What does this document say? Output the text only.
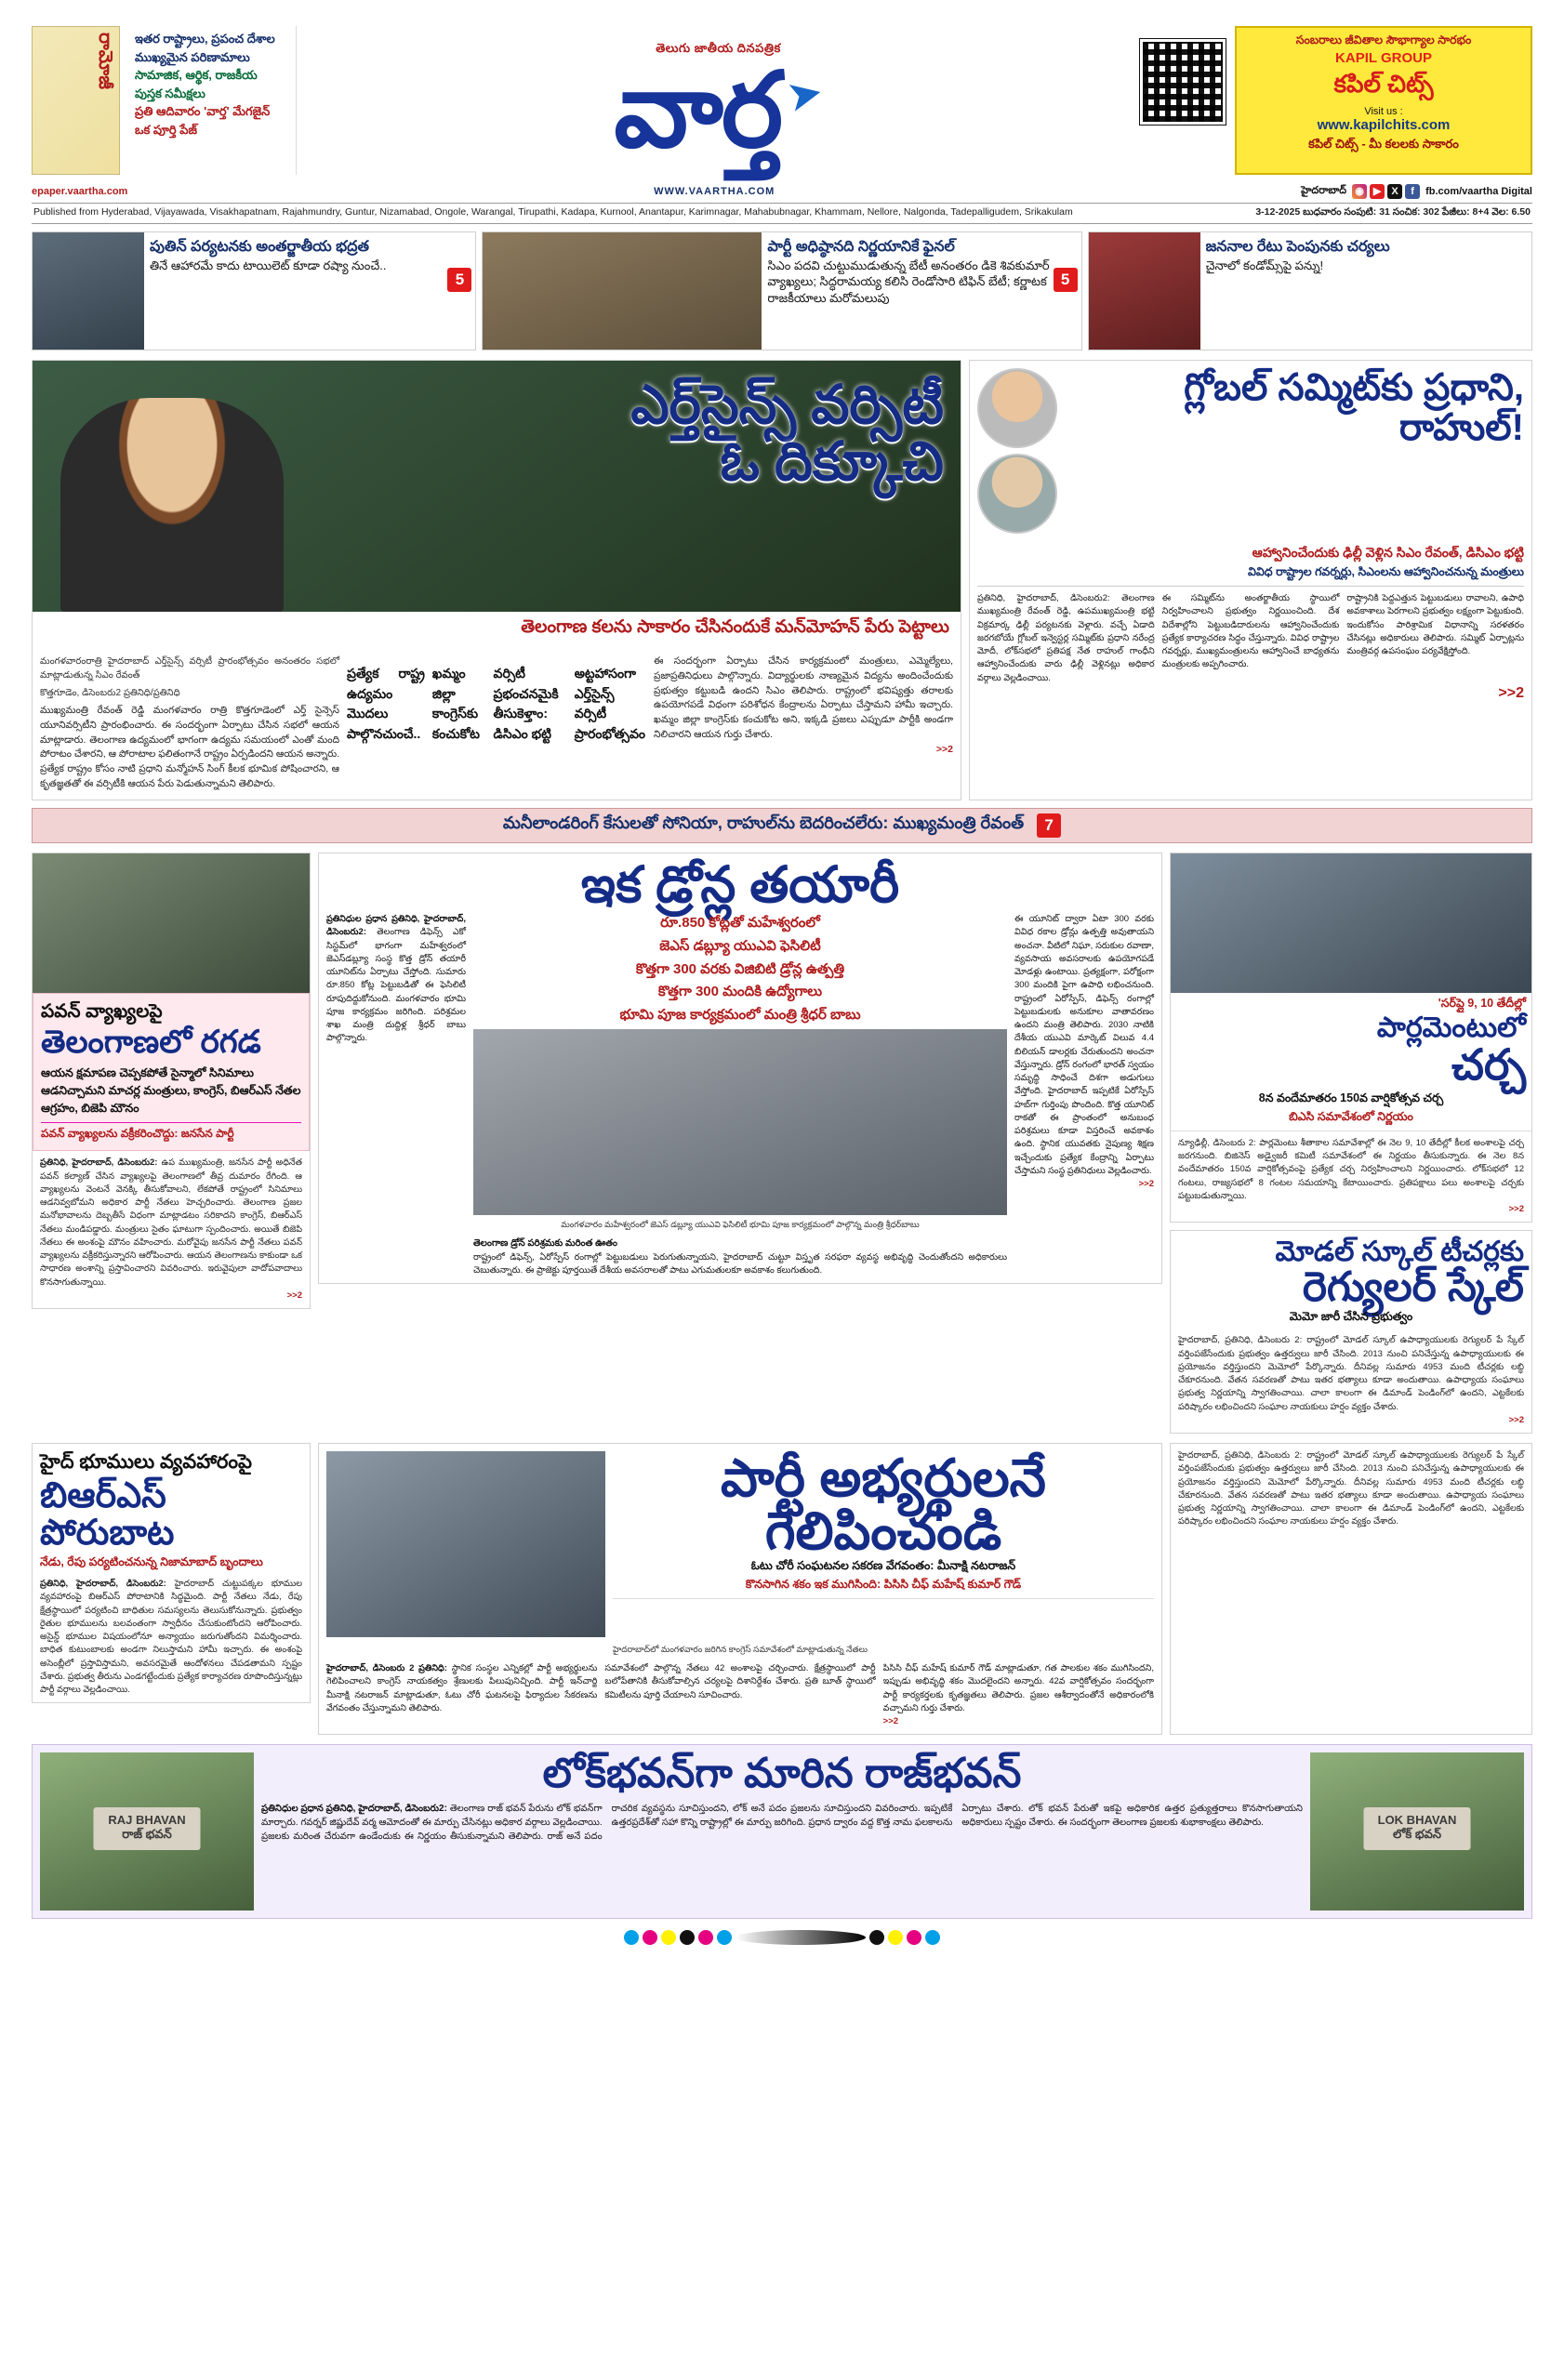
రా‌మో‌జీ	ఇతర రాష్ట్రాలు, ప్రపంచ దేశాల
ముఖ్యమైన పరిణామాలు
సామాజిక, ఆర్థిక, రాజకీయ
పుస్తక సమీక్షలు
ప్రతి ఆదివారం 'వార్త' మేగజైన్
ఒక పూర్తి పేజ్
తెలుగు జాతీయ దినపత్రిక
వార్త ➤
సంబరాలు జీవితాల సౌభాగ్యాల సారభం
KAPIL GROUP
కపిల్ చిట్స్
Visit us :
www.kapilchits.com
కపిల్ చిట్స్ - మీ కలలకు సాకారం
epaper.vaartha.com	WWW.VAARTHA.COM	హైదరాబాద్ ◉ ▶	X	f	fb.com/vaartha Digital
Published from Hyderabad, Vijayawada, Visakhapatnam, Rajahmundry, Guntur, Nizamabad, Ongole, Warangal, Tirupathi, Kadapa, Kurnool, Anantapur, Karimnagar, Mahabubnagar, Khammam, Nellore, Nalgonda, Tadepalligudem, Srikakulam	3-12-2025 బుధవారం సంపుటి: 31 సంచిక: 302 పేజీలు: 8+4 వెల: 6.50
పుతిన్ పర్యటనకు అంతర్జాతీయ భద్రత
తినే ఆహారమే కాదు టాయిలెట్ కూడా రష్యా నుంచే..
5
పార్టీ అధిష్ఠానది నిర్ణయానికే ఫైనల్
సిఎం పదవి చుట్టుముడుతున్న బేటీ అనంతరం డికె శివకుమార్ వ్యాఖ్యలు; సిద్ధరామయ్య కలిసి రెండోసారి టిఫిన్ బేటీ; కర్ణాటక రాజకీయాలు మరోమలుపు
5
జననాల రేటు పెంపునకు చర్యలు
చైనాలో కండోమ్స్‌పై పన్ను!
ఎర్త్‌సైన్స్ వర్సిటీ
ఓ దిక్కూ‌చి
తెలంగాణ కలను సాకారం చేసినందుకే మన్‌మోహన్ పేరు పెట్టాలు
మంగళవారంరాత్రి హైదరాబాద్ ఎర్త్‌సైన్స్ వర్సిటీ ప్రారంభోత్సవం అనంతరం సభలో మాట్లాడుతున్న సిఎం రేవంత్
కొత్తగూడెం, డిసెంబరు2 ప్రతినిధి/ప్రతినిధి
ముఖ్యమంత్రి రేవంత్ రెడ్డి మంగళవారం రాత్రి కొత్తగూడెంలో ఎర్త్ సైన్సెస్ యూనివర్సిటీని ప్రారంభించారు. ఈ సందర్భంగా ఏర్పాటు చేసిన సభలో ఆయన మాట్లాడారు. తెలంగాణ ఉద్యమంలో భాగంగా ఉద్యమ సమయంలో ఎంతో మంది పోరాటం చేశారని, ఆ పోరాటాల ఫలితంగానే రాష్ట్రం ఏర్పడిందని ఆయన అన్నారు. ప్రత్యేక రాష్ట్రం కోసం నాటి ప్రధాని మన్మోహన్ సింగ్ కీలక భూమిక పోషించారని, ఆ కృతజ్ఞతతో ఈ వర్సిటీకి ఆయన పేరు పెడుతున్నామని తెలిపారు.
ప్రత్యేక రాష్ట్ర ఉద్యమం మొదలు పాల్గొనచుంచే..
ఖమ్మం జిల్లా కాంగ్రెస్‌కు కంచుకోట
వర్సిటీ ప్రభంచనమైకి తీసుకెళ్తాం: డిసిఎం భట్టి
అట్టహాసంగా ఎర్త్‌సైన్స్ వర్సిటీ ప్రారంభోత్సవం
ఈ సందర్భంగా ఏర్పాటు చేసిన కార్యక్రమంలో మంత్రులు, ఎమ్మెల్యేలు, ప్రజాప్రతినిధులు పాల్గొన్నారు. విద్యార్థులకు నాణ్యమైన విద్యను అందించేందుకు ప్రభుత్వం కట్టుబడి ఉందని సిఎం తెలిపారు. రాష్ట్రంలో భవిష్యత్తు తరాలకు ఉపయోగపడే విధంగా పరిశోధన కేంద్రాలను ఏర్పాటు చేస్తామని హామీ ఇచ్చారు. ఖమ్మం జిల్లా కాంగ్రెస్‌కు కంచుకోట అని, ఇక్కడి ప్రజలు ఎప్పుడూ పార్టీకి అండగా నిలిచారని ఆయన గుర్తు చేశారు.
>>2
గ్లోబల్ సమ్మిట్‌కు ప్రధాని, రాహుల్!
ఆహ్వానించేందుకు ఢిల్లీ వెళ్లిన సిఎం రేవంత్, డిసిఎం భట్టి
వివిధ రాష్ట్రాల గవర్నర్లు, సిఎంలను ఆహ్వానించనున్న మంత్రులు
ప్రతినిధి, హైదరాబాద్, డిసెంబరు2: తెలంగాణ ముఖ్యమంత్రి రేవంత్ రెడ్డి, ఉపముఖ్యమంత్రి భట్టి విక్రమార్క ఢిల్లీ పర్యటనకు వెళ్లారు. వచ్చే ఏడాది జరగబోయే గ్లోబల్ ఇన్వెస్టర్ల సమ్మిట్‌కు ప్రధాని నరేంద్ర మోదీ, లోక్‌సభలో ప్రతిపక్ష నేత రాహుల్ గాంధీని ఆహ్వానించేందుకు వారు ఢిల్లీ వెళ్లినట్లు అధికార వర్గాలు వెల్లడించాయి.
ఈ సమ్మిట్‌ను అంతర్జాతీయ స్థాయిలో నిర్వహించాలని ప్రభుత్వం నిర్ణయించింది. దేశ విదేశాల్లోని పెట్టుబడిదారులను ఆహ్వానించేందుకు ప్రత్యేక కార్యాచరణ సిద్ధం చేస్తున్నారు. వివిధ రాష్ట్రాల గవర్నర్లు, ముఖ్యమంత్రులను ఆహ్వానించే బాధ్యతను మంత్రులకు అప్పగించారు.
రాష్ట్రానికి పెద్దఎత్తున పెట్టుబడులు రావాలని, ఉపాధి అవకాశాలు పెరగాలని ప్రభుత్వం లక్ష్యంగా పెట్టుకుంది. ఇందుకోసం పారిశ్రామిక విధానాన్ని సరళతరం చేసినట్లు అధికారులు తెలిపారు. సమ్మిట్ ఏర్పాట్లను మంత్రివర్గ ఉపసంఘం పర్యవేక్షిస్తోంది.
>>2
మనీలాండరింగ్ కేసులతో సోనియా, రాహుల్‌ను బెదరించలేరు: ముఖ్యమంత్రి రేవంత్	7
పవన్ వ్యాఖ్యలపై
తెలంగాణలో రగడ

ఆయన క్షమాపణ చెప్పకపోతే సైన్మాలో సినిమాలు ఆడనిచ్చామని మాచర్ల మంత్రులు, కాంగ్రెస్, బిఆర్ఎస్ నేతల ఆగ్రహం, బిజెపి మౌనం

పవన్ వ్యాఖ్యలను వక్రీకరించొద్దు: జనసేన పార్టీ
ప్రతినిధి, హైదరాబాద్, డిసెంబరు2: ఉప ముఖ్యమంత్రి, జనసేన పార్టీ అధినేత పవన్ కల్యాణ్ చేసిన వ్యాఖ్యలపై తెలంగాణలో తీవ్ర దుమారం రేగింది. ఆ వ్యాఖ్యలను వెంటనే వెనక్కి తీసుకోవాలని, లేకపోతే రాష్ట్రంలో సినిమాలు ఆడనివ్వబోమని అధికార పార్టీ నేతలు హెచ్చరించారు. తెలంగాణ ప్రజల మనోభావాలను దెబ్బతీసే విధంగా మాట్లాడటం సరికాదని కాంగ్రెస్, బిఆర్ఎస్ నేతలు మండిపడ్డారు. మంత్రులు సైతం ఘాటుగా స్పందించారు. అయితే బిజెపి నేతలు ఈ అంశంపై మౌనం వహించారు. మరోవైపు జనసేన పార్టీ నేతలు పవన్ వ్యాఖ్యలను వక్రీకరిస్తున్నారని ఆరోపించారు. ఆయన తెలంగాణను కాకుండా ఒక సాధారణ అంశాన్ని ప్రస్తావించారని వివరించారు. ఇరువైపులా వాదోపవాదాలు కొనసాగుతున్నాయి.
>>2
ఇక డ్రోన్ల తయారీ
ప్రతినిధుల ప్రధాన ప్రతినిధి, హైదరాబాద్, డిసెంబరు2: తెలంగాణ డిఫెన్స్ ఎకో సిస్టమ్‌లో భాగంగా మహేశ్వరంలో జెఎస్‌డబ్ల్యూ సంస్థ కొత్త డ్రోన్ తయారీ యూనిట్‌ను ఏర్పాటు చేస్తోంది. సుమారు రూ.850 కోట్ల పెట్టుబడితో ఈ ఫెసిలిటీ రూపుదిద్దుకోనుంది. మంగళవారం భూమి పూజ కార్యక్రమం జరిగింది. పరిశ్రమల శాఖ మంత్రి దుద్దిళ్ల శ్రీధర్ బాబు పాల్గొన్నారు.
రూ.850 కోట్లతో మహేశ్వరంలో
జెఎస్ డబ్ల్యూ యుఎవి ఫెసిలిటీ
కొత్తగా 300 వరకు విజిబిటి డ్రోన్ల ఉత్పత్తి
కొత్తగా 300 మందికి ఉద్యోగాలు
భూమి పూజ కార్యక్రమంలో మంత్రి శ్రీధర్ బాబు
మంగళవారం మహేశ్వరంలో జెఎస్ డబ్ల్యూ యుఎవి ఫెసిలిటీ భూమి పూజ కార్యక్రమంలో పాల్గొన్న మంత్రి శ్రీధర్‌బాబు
తెలంగాణ డ్రోన్ పరిశ్రమకు మరింత ఊతం
రాష్ట్రంలో డిఫెన్స్, ఏరోస్పేస్ రంగాల్లో పెట్టుబడులు పెరుగుతున్నాయని, హైదరాబాద్ చుట్టూ విస్తృత సరఫరా వ్యవస్థ అభివృద్ధి చెందుతోందని అధికారులు చెబుతున్నారు. ఈ ప్రాజెక్టు పూర్తయితే దేశీయ అవసరాలతో పాటు ఎగుమతులకూ అవకాశం కలుగుతుంది.
ఈ యూనిట్ ద్వారా ఏటా 300 వరకు వివిధ రకాల డ్రోన్లు ఉత్పత్తి అవుతాయని అంచనా. వీటిలో నిఘా, సరుకుల రవాణా, వ్యవసాయ అవసరాలకు ఉపయోగపడే మోడళ్లు ఉంటాయి. ప్రత్యక్షంగా, పరోక్షంగా 300 మందికి పైగా ఉపాధి లభించనుంది. రాష్ట్రంలో ఏరోస్పేస్, డిఫెన్స్ రంగాల్లో పెట్టుబడులకు అనుకూల వాతావరణం ఉందని మంత్రి తెలిపారు. 2030 నాటికి దేశీయ యుఎవి మార్కెట్ విలువ 4.4 బిలియన్ డాలర్లకు చేరుతుందని అంచనా వేస్తున్నారు. డ్రోన్ రంగంలో భారత్ స్వయం సమృద్ధి సాధించే దిశగా అడుగులు వేస్తోంది. హైదరాబాద్ ఇప్పటికే ఏరోస్పేస్ హబ్‌గా గుర్తింపు పొందింది. కొత్త యూనిట్ రాకతో ఈ ప్రాంతంలో అనుబంధ పరిశ్రమలు కూడా విస్తరించే అవకాశం ఉంది. స్థానిక యువతకు నైపుణ్య శిక్షణ ఇచ్చేందుకు ప్రత్యేక కేంద్రాన్ని ఏర్పాటు చేస్తామని సంస్థ ప్రతినిధులు వెల్లడించారు.
>>2
'సర్‌ప్లై 9, 10 తేదీల్లో
పార్లమెంటులో
చర్చ
8న వందేమాతరం 150వ వార్షికోత్సవ చర్చ
బిఎసి సమావేశంలో నిర్ణయం
న్యూఢిల్లీ, డిసెంబరు 2: పార్లమెంటు శీతాకాల సమావేశాల్లో ఈ నెల 9, 10 తేదీల్లో కీలక అంశాలపై చర్చ జరగనుంది. బిజినెస్ అడ్వైజరీ కమిటీ సమావేశంలో ఈ నిర్ణయం తీసుకున్నారు. ఈ నెల 8న వందేమాతరం 150వ వార్షికోత్సవంపై ప్రత్యేక చర్చ నిర్వహించాలని నిర్ణయించారు. లోక్‌సభలో 12 గంటలు, రాజ్యసభలో 8 గంటల సమయాన్ని కేటాయించారు. ప్రతిపక్షాలు పలు అంశాలపై చర్చకు పట్టుబడుతున్నాయి.
>>2
మోడల్ స్కూల్ టీచర్లకు
రెగ్యులర్ స్కేల్
మెమో జారీ చేసిన ప్రభుత్వం
హైదరాబాద్, ప్రతినిధి, డిసెంబరు 2: రాష్ట్రంలో మోడల్ స్కూల్ ఉపాధ్యాయులకు రెగ్యులర్ పే స్కేల్ వర్తింపజేసేందుకు ప్రభుత్వం ఉత్తర్వులు జారీ చేసింది. 2013 నుంచి పనిచేస్తున్న ఉపాధ్యాయులకు ఈ ప్రయోజనం వర్తిస్తుందని మెమోలో పేర్కొన్నారు. దీనివల్ల సుమారు 4953 మంది టీచర్లకు లబ్ధి చేకూరనుంది. వేతన సవరణతో పాటు ఇతర భత్యాలు కూడా అందుతాయి. ఉపాధ్యాయ సంఘాలు ప్రభుత్వ నిర్ణయాన్ని స్వాగతించాయి. చాలా కాలంగా ఈ డిమాండ్ పెండింగ్‌లో ఉందని, ఎట్టకేలకు పరిష్కారం లభించిందని సంఘాల నాయకులు హర్షం వ్యక్తం చేశారు.
>>2
హైద్ భూములు వ్యవహారంపై
బిఆర్ఎస్ పోరుబాట
నేడు, రేపు పర్యటించనున్న నిజామాబాద్ బృందాలు
ప్రతినిధి, హైదరాబాద్, డిసెంబరు2: హైదరాబాద్ చుట్టుపక్కల భూముల వ్యవహారంపై బిఆర్ఎస్ పోరాటానికి సిద్ధమైంది. పార్టీ నేతలు నేడు, రేపు క్షేత్రస్థాయిలో పర్యటించి బాధితుల సమస్యలను తెలుసుకోనున్నారు. ప్రభుత్వం రైతుల భూములను బలవంతంగా స్వాధీనం చేసుకుంటోందని ఆరోపించారు. అసైన్డ్ భూముల విషయంలోనూ అన్యాయం జరుగుతోందని విమర్శించారు. బాధిత కుటుంబాలకు అండగా నిలుస్తామని హామీ ఇచ్చారు. ఈ అంశంపై అసెంబ్లీలో ప్రస్తావిస్తామని, అవసరమైతే ఆందోళనలు చేపడతామని స్పష్టం చేశారు. ప్రభుత్వ తీరును ఎండగట్టేందుకు ప్రత్యేక కార్యాచరణ రూపొందిస్తున్నట్లు పార్టీ వర్గాలు వెల్లడించాయి.
పార్టీ అభ్యర్థులనే గెలిపించండి
ఓటు చోరీ సంఘటనల సకరణ వేగవంతం: మీనాక్షి నటరాజన్
కొనసాగిన శకం ఇక ముగిసింది: పిసిసి చీఫ్ మహేష్ కుమార్ గౌడ్
హైదరాబాద్‌లో మంగళవారం జరిగిన కాంగ్రెస్ సమావేశంలో మాట్లాడుతున్న నేతలు
హైదరాబాద్, డిసెంబరు 2 ప్రతినిధి: స్థానిక సంస్థల ఎన్నికల్లో పార్టీ అభ్యర్థులను గెలిపించాలని కాంగ్రెస్ నాయకత్వం శ్రేణులకు పిలుపునిచ్చింది. పార్టీ ఇన్‌చార్జి మీనాక్షి నటరాజన్ మాట్లాడుతూ, ఓటు చోరీ ఘటనలపై ఫిర్యాదుల సేకరణను వేగవంతం చేస్తున్నామని తెలిపారు.
సమావేశంలో పాల్గొన్న నేతలు 42 అంశాలపై చర్చించారు. క్షేత్రస్థాయిలో పార్టీ బలోపేతానికి తీసుకోవాల్సిన చర్యలపై దిశానిర్దేశం చేశారు. ప్రతి బూత్ స్థాయిలో కమిటీలను పూర్తి చేయాలని సూచించారు.
పిసిసి చీఫ్ మహేష్ కుమార్ గౌడ్ మాట్లాడుతూ, గత పాలకుల శకం ముగిసిందని, ఇప్పుడు అభివృద్ధి శకం మొదలైందని అన్నారు. 42వ వార్షికోత్సవం సందర్భంగా పార్టీ కార్యకర్తలకు కృతజ్ఞతలు తెలిపారు. ప్రజల ఆశీర్వాదంతోనే అధికారంలోకి వచ్చామని గుర్తు చేశారు.
>>2
హైదరాబాద్, ప్రతినిధి, డిసెంబరు 2: రాష్ట్రంలో మోడల్ స్కూల్ ఉపాధ్యాయులకు రెగ్యులర్ పే స్కేల్ వర్తింపజేసేందుకు ప్రభుత్వం ఉత్తర్వులు జారీ చేసింది. 2013 నుంచి పనిచేస్తున్న ఉపాధ్యాయులకు ఈ ప్రయోజనం వర్తిస్తుందని మెమోలో పేర్కొన్నారు. దీనివల్ల సుమారు 4953 మంది టీచర్లకు లబ్ధి చేకూరనుంది. వేతన సవరణతో పాటు ఇతర భత్యాలు కూడా అందుతాయి. ఉపాధ్యాయ సంఘాలు ప్రభుత్వ నిర్ణయాన్ని స్వాగతించాయి. చాలా కాలంగా ఈ డిమాండ్ పెండింగ్‌లో ఉందని, ఎట్టకేలకు పరిష్కారం లభించిందని సంఘాల నాయకులు హర్షం వ్యక్తం చేశారు.
RAJ BHAVAN రాజ్ భవన్
లోక్‌భవన్‌గా మారిన రాజ్‌భవన్
ప్రతినిధుల ప్రధాన ప్రతినిధి, హైదరాబాద్, డిసెంబరు2: తెలంగాణ రాజ్ భవన్ పేరును లోక్ భవన్‌గా మార్చారు. గవర్నర్ జిష్ణుదేవ్ వర్మ ఆమోదంతో ఈ మార్పు చేసినట్లు అధికార వర్గాలు వెల్లడించాయి. ప్రజలకు మరింత చేరువగా ఉండేందుకు ఈ నిర్ణయం తీసుకున్నామని తెలిపారు. రాజ్ అనే పదం రాచరిక వ్యవస్థను సూచిస్తుందని, లోక్ అనే పదం ప్రజలను సూచిస్తుందని వివరించారు. ఇప్పటికే ఉత్తరప్రదేశ్‌తో సహా కొన్ని రాష్ట్రాల్లో ఈ మార్పు జరిగింది. ప్రధాన ద్వారం వద్ద కొత్త నామ ఫలకాలను ఏర్పాటు చేశారు. లోక్ భవన్ పేరుతో ఇకపై అధికారిక ఉత్తర ప్రత్యుత్తరాలు కొనసాగుతాయని అధికారులు స్పష్టం చేశారు. ఈ సందర్భంగా తెలంగాణ ప్రజలకు శుభాకాంక్షలు తెలిపారు.	LOK BHAVAN లోక్ భవన్
